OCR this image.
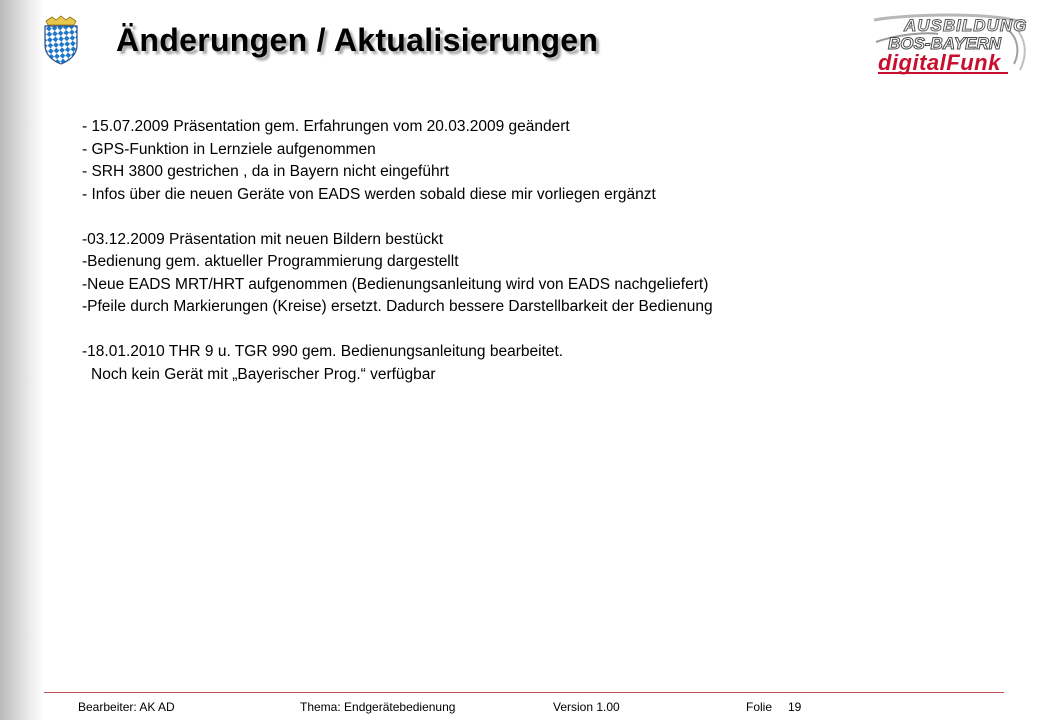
Änderungen / Aktualisierungen	AUSBILDUNG
BOS-BAYERN
digitalFunk
- 15.07.2009 Präsentation gem. Erfahrungen vom 20.03.2009 geändert
- GPS-Funktion in Lernziele aufgenommen
- SRH 3800 gestrichen , da in Bayern nicht eingeführt
- Infos über die neuen Geräte von EADS werden sobald diese mir vorliegen ergänzt
-03.12.2009 Präsentation mit neuen Bildern bestückt
-Bedienung gem. aktueller Programmierung dargestellt
-Neue EADS MRT/HRT aufgenommen (Bedienungsanleitung wird von EADS nachgeliefert)
-Pfeile durch Markierungen (Kreise) ersetzt. Dadurch bessere Darstellbarkeit der Bedienung
-18.01.2010 THR 9 u. TGR 990 gem. Bedienungsanleitung bearbeitet.
Noch kein Gerät mit „Bayerischer Prog.“ verfügbar
Bearbeiter: AK AD	Thema: Endgerätebedienung	Version 1.00	Folie 19
